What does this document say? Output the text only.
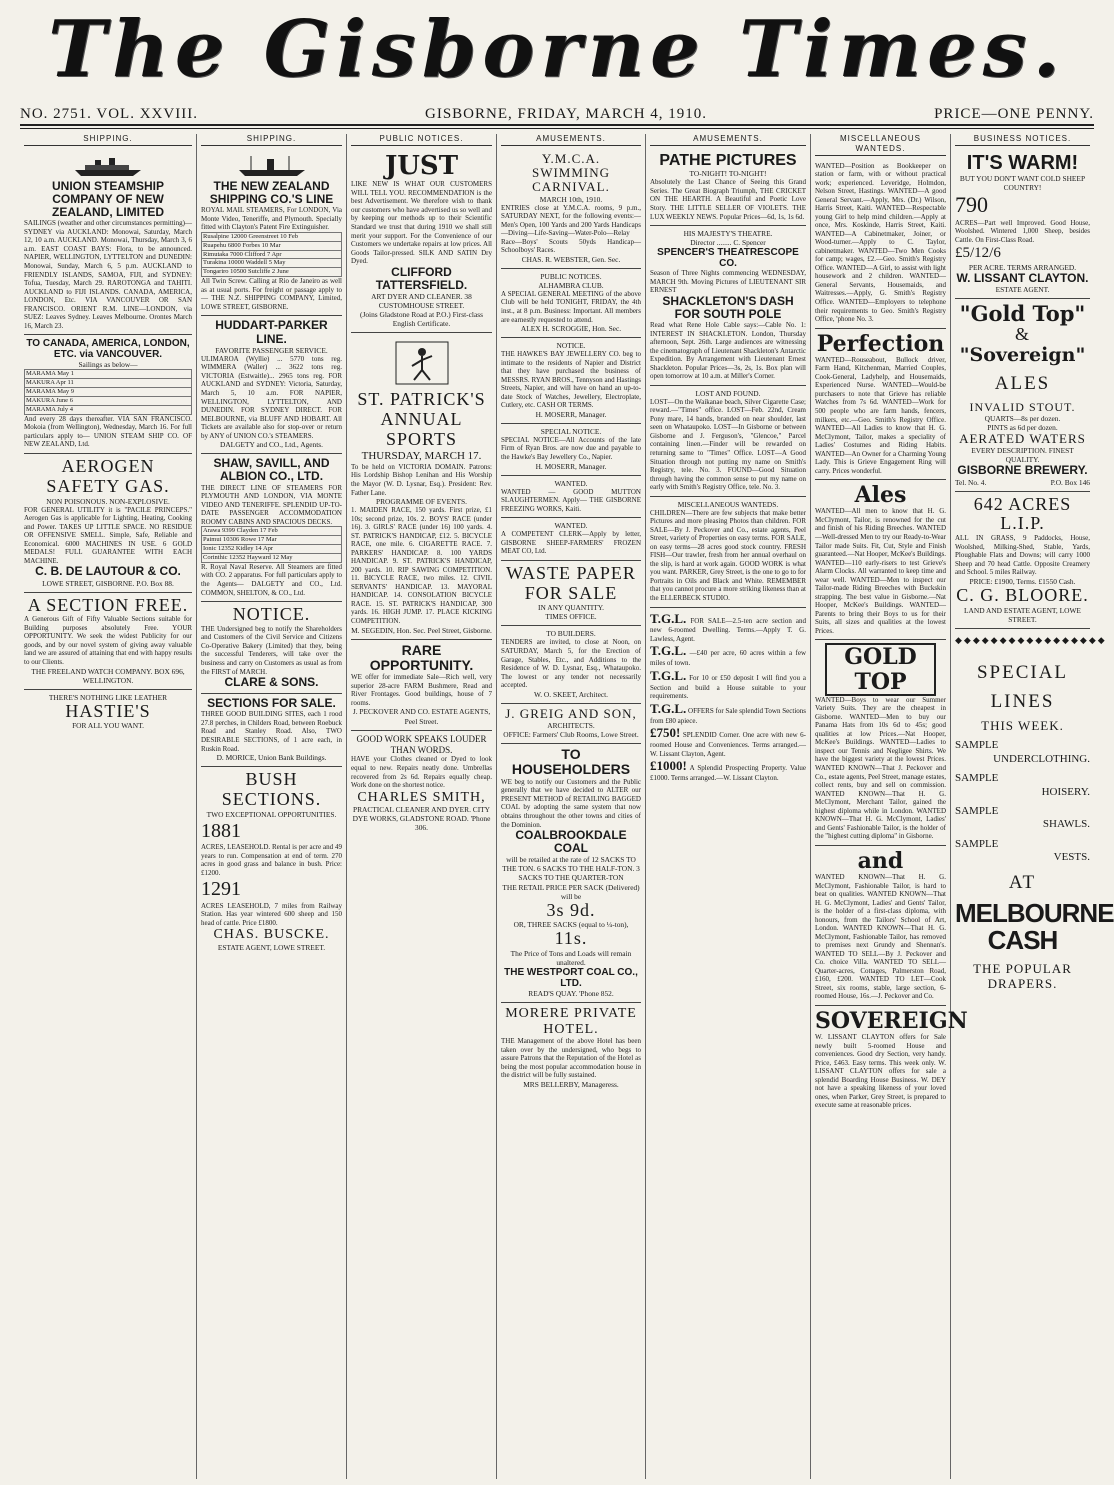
The Gisborne Times.
NO. 2751. VOL. XXVIII.	GISBORNE, FRIDAY, MARCH 4, 1910.	PRICE—ONE PENNY.
SHIPPING.
UNION STEAMSHIP COMPANY OF NEW ZEALAND, LIMITED

SAILINGS (weather and other circumstances permitting)— SYDNEY via AUCKLAND: Monowai, Saturday, March 12, 10 a.m. AUCKLAND. Monowai, Thursday, March 3, 6 a.m. EAST COAST BAYS: Flora, to be announced. NAPIER, WELLINGTON, LYTTELTON and DUNEDIN: Monowai, Sunday, March 6, 5 p.m. AUCKLAND to FRIENDLY ISLANDS, SAMOA, FIJI, and SYDNEY: Tofua, Tuesday, March 29. RAROTONGA and TAHITI. AUCKLAND to FIJI ISLANDS. CANADA, AMERICA, LONDON, Etc. VIA VANCOUVER OR SAN FRANCISCO. ORIENT R.M. LINE—LONDON, via SUEZ: Leaves Sydney. Leaves Melbourne. Orontes March 16, March 23.

TO CANADA, AMERICA, LONDON, ETC. via VANCOUVER.

Sailings as below—

MARAMA May 1
MAKURA Apr 11
MARAMA May 9
MAKURA June 6
MARAMA July 4

And every 28 days thereafter. VIA SAN FRANCISCO. Mokoia (from Wellington), Wednesday, March 16. For full particulars apply to— UNION STEAM SHIP CO. OF NEW ZEALAND, Ltd.

AEROGEN SAFETY GAS.

NON POISONOUS. NON-EXPLOSIVE.

FOR GENERAL UTILITY it is "PACILE PRINCEPS." Aerogen Gas is applicable for Lighting, Heating, Cooking and Power. TAKES UP LITTLE SPACE. NO RESIDUE OR OFFENSIVE SMELL. Simple, Safe, Reliable and Economical. 6000 MACHINES IN USE. 6 GOLD MEDALS! FULL GUARANTEE WITH EACH MACHINE.

C. B. DE LAUTOUR & CO.

LOWE STREET, GISBORNE. P.O. Box 88.

A SECTION FREE.

A Generous Gift of Fifty Valuable Sections suitable for Building purposes absolutely Free. YOUR OPPORTUNITY. We seek the widest Publicity for our goods, and by our novel system of giving away valuable land we are assured of attaining that end with happy results to our Clients.

THE FREELAND WATCH COMPANY. BOX 696, WELLINGTON.

THERE'S NOTHING LIKE LEATHER

HASTIE'S

FOR ALL YOU WANT.

SHIPPING.
THE NEW ZEALAND SHIPPING CO.'S LINE

ROYAL MAIL STEAMERS, For LONDON, Via Monte Video, Teneriffe, and Plymouth. Specially fitted with Clayton's Patent Fire Extinguisher.

Rusalpine 12000 Greenstreet 10 Feb
Ruapehu 6800 Forbes 10 Mar
Rimutaka 7000 Clifford 7 Apr
Turakina 10000 Waddell 5 May
Tongariro 10500 Sutcliffe 2 June

All Twin Screw. Calling at Rio de Janeiro as well as at usual ports. For freight or passage apply to— THE N.Z. SHIPPING COMPANY, Limited, LOWE STREET, GISBORNE.

HUDDART-PARKER LINE.

FAVORITE PASSENGER SERVICE.

ULIMAROA (Wyllie) ... 5770 tons reg. WIMMERA (Waller) ... 3622 tons reg. VICTORIA (Estwaitle)... 2965 tons reg. FOR AUCKLAND and SYDNEY: Victoria, Saturday, March 5, 10 a.m. FOR NAPIER, WELLINGTON, LYTTELTON, AND DUNEDIN. FOR SYDNEY DIRECT. FOR MELBOURNE, via BLUFF AND HOBART. All Tickets are available also for stop-over or return by ANY of UNION CO.'s STEAMERS.

DALGETY and CO., Ltd., Agents.

SHAW, SAVILL, AND ALBION CO., LTD.

THE DIRECT LINE OF STEAMERS FOR PLYMOUTH AND LONDON, VIA MONTE VIDEO AND TENERIFFE. SPLENDID UP-TO-DATE PASSENGER ACCOMMODATION ROOMY CABINS AND SPACIOUS DECKS.

Arawa 9399 Clayden 17 Feb
Paimui 10306 Rowe 17 Mar
Ionic 12352 Kidley 14 Apr
Corinthic 12352 Hayward 12 May

R. Royal Naval Reserve. All Steamers are fitted with CO. 2 apparatus. For full particulars apply to the Agents— DALGETY and CO., Ltd. COMMON, SHELTON, & CO., Ltd.

NOTICE.

THE Undersigned beg to notify the Shareholders and Customers of the Civil Service and Citizens Co-Operative Bakery (Limited) that they, being the successful Tenderers, will take over the business and carry on Customers as usual as from the FIRST of MARCH.

CLARE & SONS.
SECTIONS FOR SALE.

THREE GOOD BUILDING SITES, each 1 rood 27.8 perches, in Childers Road, between Roebuck Road and Stanley Road. Also, TWO DESIRABLE SECTIONS, of 1 acre each, in Ruskin Road.

D. MORICE, Union Bank Buildings.

BUSH SECTIONS.

TWO EXCEPTIONAL OPPORTUNITIES.

1881

ACRES, LEASEHOLD. Rental is per acre and 49 years to run. Compensation at end of term. 270 acres in good grass and balance in bush. Price: £1200.

1291

ACRES LEASEHOLD, 7 miles from Railway Station. Has year wintered 600 sheep and 150 head of cattle. Price £1800.

CHAS. BUSCKE.

ESTATE AGENT, LOWE STREET.

PUBLIC NOTICES.
JUST

LIKE NEW IS WHAT OUR CUSTOMERS WILL TELL YOU. RECOMMENDATION is the best Advertisement. We therefore wish to thank our customers who have advertised us so well and by keeping our methods up to their Scientific Standard we trust that during 1910 we shall still merit your support. For the Convenience of our Customers we undertake repairs at low prices. All Goods Tailor-pressed. SILK AND SATIN Dry Dyed.

CLIFFORD TATTERSFIELD.

ART DYER AND CLEANER. 38 CUSTOMHOUSE STREET.

(Joins Gladstone Road at P.O.) First-class English Certificate.

ST. PATRICK'S ANNUAL SPORTS

THURSDAY, MARCH 17.

To be held on VICTORIA DOMAIN. Patrons: His Lordship Bishop Lenihan and His Worship the Mayor (W. D. Lysnar, Esq.). President: Rev. Father Lane.

PROGRAMME OF EVENTS.

1. MAIDEN RACE, 150 yards. First prize, £1 10s; second prize, 10s. 2. BOYS' RACE (under 16). 3. GIRLS' RACE (under 16) 100 yards. 4. ST. PATRICK'S HANDICAP, £12. 5. BICYCLE RACE, one mile. 6. CIGARETTE RACE. 7. PARKERS' HANDICAP. 8. 100 YARDS HANDICAP. 9. ST. PATRICK'S HANDICAP, 200 yards. 10. RIP SAWING COMPETITION. 11. BICYCLE RACE, two miles. 12. CIVIL SERVANTS' HANDICAP. 13. MAYORAL HANDICAP. 14. CONSOLATION BICYCLE RACE. 15. ST. PATRICK'S HANDICAP, 300 yards. 16. HIGH JUMP. 17. PLACE KICKING COMPETITION.

M. SEGEDIN, Hon. Sec. Peel Street, Gisborne.

RARE OPPORTUNITY.

WE offer for immediate Sale—Rich well, very superior 28-acre FARM Bushmere, Read and River Frontages. Good buildings, house of 7 rooms.

J. PECKOVER AND CO. ESTATE AGENTS, Peel Street.

GOOD WORK SPEAKS LOUDER THAN WORDS.

HAVE your Clothes cleaned or Dyed to look equal to new. Repairs neatly done. Umbrellas recovered from 2s 6d. Repairs equally cheap. Work done on the shortest notice.

CHARLES SMITH,

PRACTICAL CLEANER AND DYER. CITY DYE WORKS, GLADSTONE ROAD. 'Phone 306.

AMUSEMENTS.
Y.M.C.A. SWIMMING CARNIVAL.

MARCH 10th, 1910.

ENTRIES close at Y.M.C.A. rooms, 9 p.m., SATURDAY NEXT, for the following events:—Men's Open, 100 Yards and 200 Yards Handicaps—Diving—Life-Saving—Water-Polo—Relay Race—Boys' Scouts 50yds Handicap—Schoolboys' Races.

CHAS. R. WEBSTER, Gen. Sec.

PUBLIC NOTICES.

ALHAMBRA CLUB.

A SPECIAL GENERAL MEETING of the above Club will be held TONIGHT, FRIDAY, the 4th inst., at 8 p.m. Business: Important. All members are earnestly requested to attend.

ALEX H. SCROGGIE, Hon. Sec.

NOTICE.

THE HAWKE'S BAY JEWELLERY CO. beg to intimate to the residents of Napier and District that they have purchased the business of MESSRS. RYAN BROS., Tennyson and Hastings Streets, Napier, and will have on hand an up-to-date Stock of Watches, Jewellery, Electroplate, Cutlery, etc. CASH OR TERMS.

H. MOSERR, Manager.

SPECIAL NOTICE.

SPECIAL NOTICE—All Accounts of the late Firm of Ryan Bros. are now due and payable to the Hawke's Bay Jewellery Co., Napier.

H. MOSERR, Manager.

WANTED.

WANTED — GOOD MUTTON SLAUGHTERMEN. Apply— THE GISBORNE FREEZING WORKS, Kaiti.

WANTED.

A COMPETENT CLERK—Apply by letter, GISBORNE SHEEP-FARMERS' FROZEN MEAT CO, Ltd.

WASTE PAPER FOR SALE

IN ANY QUANTITY.

TIMES OFFICE.

TO BUILDERS.

TENDERS are invited, to close at Noon, on SATURDAY, March 5, for the Erection of Garage, Stables, Etc., and Additions to the Residence of W. D. Lysnar, Esq., Whataupoko. The lowest or any tender not necessarily accepted.

W. O. SKEET, Architect.

J. GREIG AND SON,

ARCHITECTS.

OFFICE: Farmers' Club Rooms, Lowe Street.

TO HOUSEHOLDERS

WE beg to notify our Customers and the Public generally that we have decided to ALTER our PRESENT METHOD of RETAILING BAGGED COAL by adopting the same system that now obtains throughout the other towns and cities of the Dominion.

COALBROOKDALE COAL

will be retailed at the rate of 12 SACKS TO THE TON. 6 SACKS TO THE HALF-TON. 3 SACKS TO THE QUARTER-TON

THE RETAIL PRICE PER SACK (Delivered) will be

3s 9d.

OR, THREE SACKS (equal to ¼-ton),

11s.

The Price of Tons and Loads will remain unaltered.

THE WESTPORT COAL CO., LTD.

READ'S QUAY. 'Phone 852.

MORERE PRIVATE HOTEL.

THE Management of the above Hotel has been taken over by the undersigned, who begs to assure Patrons that the Reputation of the Hotel as being the most popular accommodation house in the district will be fully sustained.

MRS BELLERBY, Manageress.

AMUSEMENTS.
PATHE PICTURES

TO-NIGHT! TO-NIGHT!

Absolutely the Last Chance of Seeing this Grand Series. The Great Biograph Triumph, THE CRICKET ON THE HEARTH. A Beautiful and Poetic Love Story. THE LITTLE SELLER OF VIOLETS. THE LUX WEEKLY NEWS. Popular Prices—6d, 1s, 1s 6d.

HIS MAJESTY'S THEATRE.

Director ........ C. Spencer

SPENCER'S THEATRESCOPE CO.

Season of Three Nights commencing WEDNESDAY, MARCH 9th. Moving Pictures of LIEUTENANT SIR ERNEST

SHACKLETON'S DASH FOR SOUTH POLE

Read what Rene Hole Cable says:—Cable No. 1: INTEREST IN SHACKLETON. London, Thursday afternoon, Sept. 26th. Large audiences are witnessing the cinematograph of Lieutenant Shackleton's Antarctic Expedition. By Arrangement with Lieutenant Ernest Shackleton. Popular Prices—3s, 2s, 1s. Box plan will open tomorrow at 10 a.m. at Miller's Corner.

LOST AND FOUND.

LOST—On the Waikanae beach, Silver Cigarette Case; reward.—"Times" office. LOST—Feb. 22nd, Cream Pony mare, 14 hands, branded on near shoulder, last seen on Whataupoko. LOST—In Gisborne or between Gisborne and J. Ferguson's, "Glencoe," Parcel containing linen.—Finder will be rewarded on returning same to "Times" Office. LOST—A Good Situation through not putting my name on Smith's Registry, tele. No. 3. FOUND—Good Situation through having the common sense to put my name on early with Smith's Registry Office, tele. No. 3.

MISCELLANEOUS WANTEDS.

CHILDREN—There are few subjects that make better Pictures and more pleasing Photos than children. FOR SALE—By J. Peckover and Co., estate agents, Peel Street, variety of Properties on easy terms. FOR SALE, on easy terms—28 acres good stock country. FRESH FISH—Our trawler, fresh from her annual overhaul on the slip, is hard at work again. GOOD WORK is what you want. PARKER, Grey Street, is the one to go to for Portraits in Oils and Black and White. REMEMBER that you cannot procure a more striking likeness than at the ELLERBECK STUDIO.

T.G.L. FOR SALE—2.5-ten acre section and new 6-roomed Dwelling. Terms.—Apply T. G. Lawless, Agent.

T.G.L. —£40 per acre, 60 acres within a few miles of town.

T.G.L. For 10 or £50 deposit I will find you a Section and build a House suitable to your requirements.

T.G.L. OFFERS for Sale splendid Town Sections from £80 apiece.

£750! SPLENDID Corner. One acre with new 6-roomed House and Conveniences. Terms arranged.—W. Lissant Clayton, Agent.

£1000! A Splendid Prospecting Property. Value £1000. Terms arranged.—W. Lissant Clayton.

MISCELLANEOUS WANTEDS.

WANTED—Position as Bookkeeper on station or farm, with or without practical work; experienced. Leveridge, Holmdon, Nelson Street, Hastings. WANTED—A good General Servant.—Apply, Mrs. (Dr.) Wilson, Harris Street, Kaiti. WANTED—Respectable young Girl to help mind children.—Apply at once, Mrs. Koskinde, Harris Street, Kaiti. WANTED—A Cabinetmaker, Joiner, or Wood-turner.—Apply to C. Taylor, cabinetmaker. WANTED—Two Men Cooks for camp; wages, £2.—Geo. Smith's Registry Office. WANTED—A Girl, to assist with light housework and 2 children. WANTED—General Servants, Housemaids, and Waitresses.—Apply, G. Smith's Registry Office. WANTED—Employers to telephone their requirements to Geo. Smith's Registry Office, 'phone No. 3.

Perfection

WANTED—Rouseabout, Bullock driver, Farm Hand, Kitchenman, Married Couples, Cook-General, Ladyhelp, and Housemaids, Experienced Nurse. WANTED—Would-be purchasers to note that Grieve has reliable Watches from 7s 6d. WANTED—Work for 500 people who are farm hands, fencers, milkers, etc.—Geo. Smith's Registry Office. WANTED—All Ladies to know that H. G. McClymont, Tailor, makes a speciality of Ladies' Costumes and Riding Habits. WANTED—An Owner for a Charming Young Lady. This is Grieve Engagement Ring will carry. Prices wonderful.

Ales

WANTED—All men to know that H. G. McClymont, Tailor, is renowned for the cut and finish of his Riding Breeches. WANTED—Well-dressed Men to try our Ready-to-Wear Tailor made Suits. Fit, Cut, Style and Finish guaranteed.—Nat Hooper, McKee's Buildings. WANTED—110 early-risers to test Grieve's Alarm Clocks. All warranted to keep time and wear well. WANTED—Men to inspect our Tailor-made Riding Breeches with Buckskin strapping. The best value in Gisborne.—Nat Hooper, McKee's Buildings. WANTED—Parents to bring their Boys to us for their Suits, all sizes and qualities at the lowest Prices.

GOLD TOP

WANTED—Boys to wear our Summer Variety Suits. They are the cheapest in Gisborne. WANTED—Men to buy our Panama Hats from 10s 6d to 45s; good qualities at low Prices.—Nat Hooper, McKee's Buildings. WANTED—Ladies to inspect our Tennis and Negligee Shirts. We have the biggest variety at the lowest Prices. WANTED KNOWN—That J. Peckover and Co., estate agents, Peel Street, manage estates, collect rents, buy and sell on commission. WANTED KNOWN—That H. G. McClymont, Merchant Tailor, gained the highest diploma while in London. WANTED KNOWN—That H. G. McClymont, Ladies' and Gents' Fashionable Tailor, is the holder of the "highest cutting diploma" in Gisborne.

and

WANTED KNOWN—That H. G. McClymont, Fashionable Tailor, is hard to beat on qualities. WANTED KNOWN—That H. G. McClymont, Ladies' and Gents' Tailor, is the holder of a first-class diploma, with honours, from the Tailors' School of Art, London. WANTED KNOWN—That H. G. McClymont, Fashionable Tailor, has removed to premises next Grundy and Shennan's. WANTED TO SELL—By J. Peckover and Co. choice Villa. WANTED TO SELL—Quarter-acres, Cottages, Palmerston Road, £160, £200. WANTED TO LET—Cook Street, six rooms, stable, large section, 6-roomed House, 16s.—J. Peckover and Co.

SOVEREIGN

W. LISSANT CLAYTON offers for Sale newly built 5-roomed House and conveniences. Good dry Section, very handy. Price, £463. Easy terms. This week only. W. LISSANT CLAYTON offers for sale a splendid Boarding House Business. W. DEY not have a speaking likeness of your loved ones, when Parker, Grey Street, is prepared to execute same at reasonable prices.

BUSINESS NOTICES.
IT'S WARM!

BUT YOU DON'T WANT COLD SHEEP COUNTRY!

790

ACRES—Part well Improved. Good House, Woolshed. Wintered 1,000 Sheep, besides Cattle. On First-Class Road.

£5/12/6

PER ACRE. TERMS ARRANGED.

W. LISSANT CLAYTON.

ESTATE AGENT.

"Gold Top"
&
"Sovereign"
ALES
INVALID STOUT.

QUARTS—8s per dozen.

PINTS as 6d per dozen.

AERATED WATERS

EVERY DESCRIPTION. FINEST QUALITY.

GISBORNE BREWERY.
Tel. No. 4.	P.O. Box 146
642 ACRES L.I.P.

ALL IN GRASS, 9 Paddocks, House, Woolshed, Milking-Shed, Stable, Yards, Ploughable Flats and Downs; will carry 1000 Sheep and 70 head Cattle. Opposite Creamery and School. 5 miles Railway.

PRICE: £1900, Terms. £1550 Cash.

C. G. BLOORE.

LAND AND ESTATE AGENT, LOWE STREET.

◆◆◆◆◆◆◆◆◆◆◆◆◆◆◆◆◆
SPECIAL
LINES
THIS WEEK.

SAMPLE

UNDERCLOTHING.

SAMPLE

HOISERY.

SAMPLE

SHAWLS.

SAMPLE

VESTS.

AT
MELBOURNE
CASH
THE POPULAR
DRAPERS.
